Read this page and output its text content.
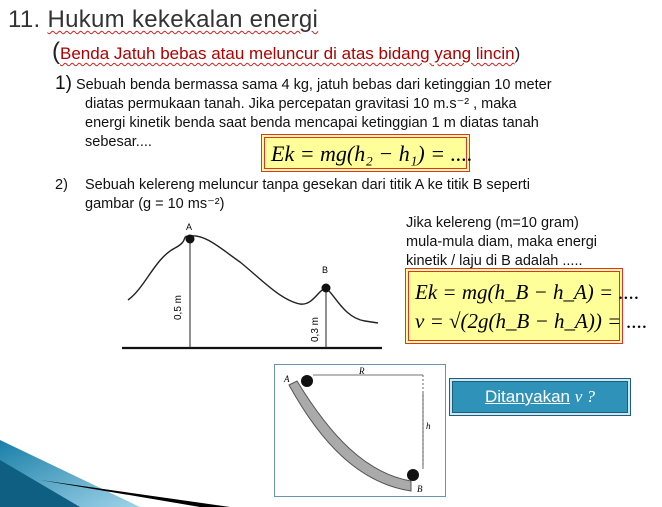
11. Hukum kekekalan energi
(Benda Jatuh bebas atau meluncur di atas bidang yang lincin)
1) Sebuah benda bermassa sama 4 kg, jatuh bebas dari ketinggian 10 meter
diatas permukaan tanah. Jika percepatan gravitasi 10 m.s⁻² , maka
energi kinetik benda saat benda mencapai ketinggian 1 m diatas tanah
sebesar....	Ek = mg(h₂ − h₁) = ....
2) Sebuah kelereng meluncur tanpa gesekan dari titik A ke titik B seperti
gambar (g = 10 ms⁻²)
Jika kelereng (m=10 gram)
mula-mula diam, maka energi
kinetik / laju di B adalah .....
Ek = mg(h_B − h_A) = ....
v = √(2g(h_B − h_A)) = ....
A
B
0,5 m
0,3 m
A
B
R
h
Ditanyakan v ?
